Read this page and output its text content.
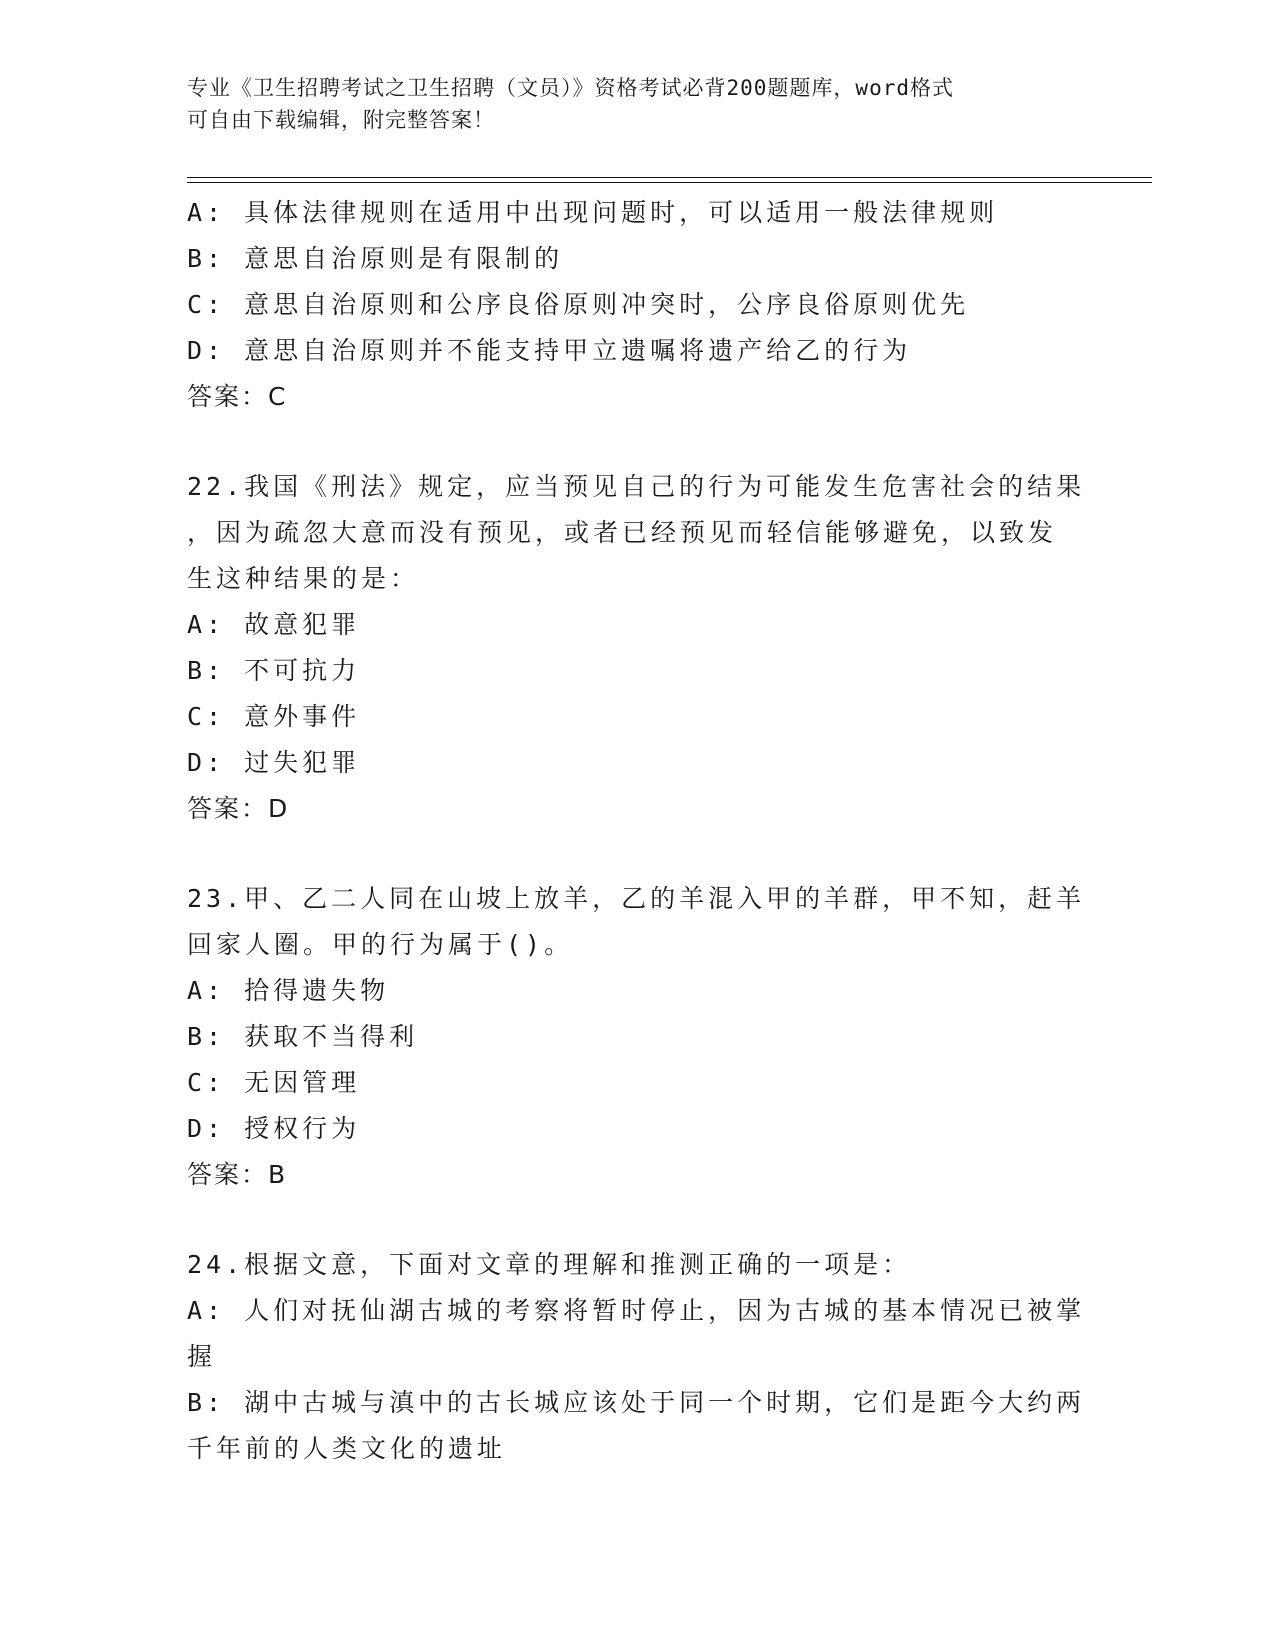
专业《卫生招聘考试之卫生招聘（文员）》资格考试必背200题题库，word格式
可自由下载编辑，附完整答案！
A: 具体法律规则在适用中出现问题时，可以适用一般法律规则
B: 意思自治原则是有限制的
C: 意思自治原则和公序良俗原则冲突时，公序良俗原则优先
D: 意思自治原则并不能支持甲立遗嘱将遗产给乙的行为
答案：C
22.我国《刑法》规定，应当预见自己的行为可能发生危害社会的结果
，因为疏忽大意而没有预见，或者已经预见而轻信能够避免，以致发
生这种结果的是：
A: 故意犯罪
B: 不可抗力
C: 意外事件
D: 过失犯罪
答案：D
23.甲、乙二人同在山坡上放羊，乙的羊混入甲的羊群，甲不知，赶羊
回家人圈。甲的行为属于()。
A: 拾得遗失物
B: 获取不当得利
C: 无因管理
D: 授权行为
答案：B
24.根据文意，下面对文章的理解和推测正确的一项是：
A: 人们对抚仙湖古城的考察将暂时停止，因为古城的基本情况已被掌
握
B: 湖中古城与滇中的古长城应该处于同一个时期，它们是距今大约两
千年前的人类文化的遗址
